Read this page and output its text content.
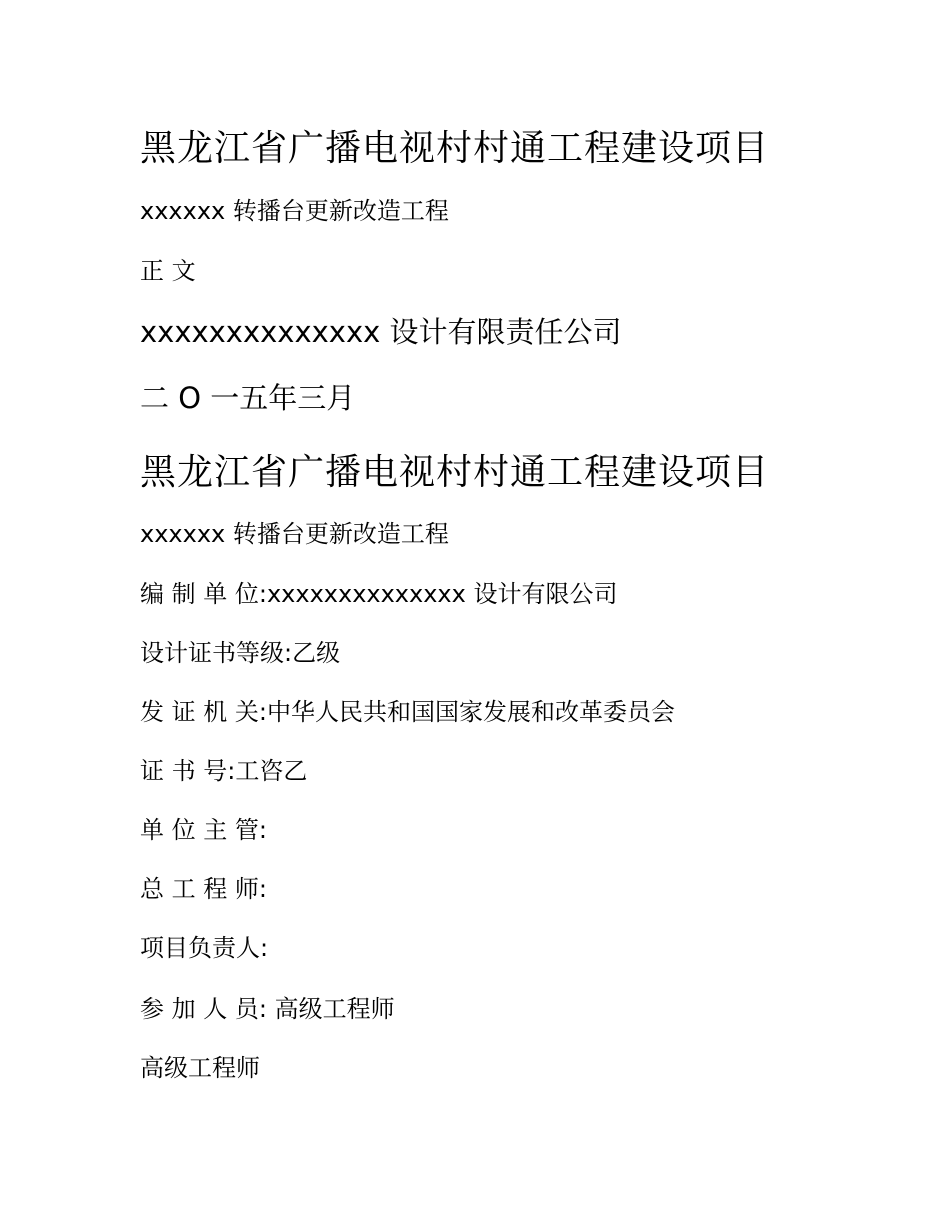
黑龙江省广播电视村村通工程建设项目
xxxxxx 转播台更新改造工程
正 文
xxxxxxxxxxxxxx 设计有限责任公司
二 O 一五年三月
黑龙江省广播电视村村通工程建设项目
xxxxxx 转播台更新改造工程
编 制 单 位:xxxxxxxxxxxxxx 设计有限公司
设计证书等级:乙级
发 证 机 关:中华人民共和国国家发展和改革委员会
证 书 号:工咨乙
单 位 主 管:
总 工 程 师:
项目负责人:
参 加 人 员: 高级工程师
高级工程师
